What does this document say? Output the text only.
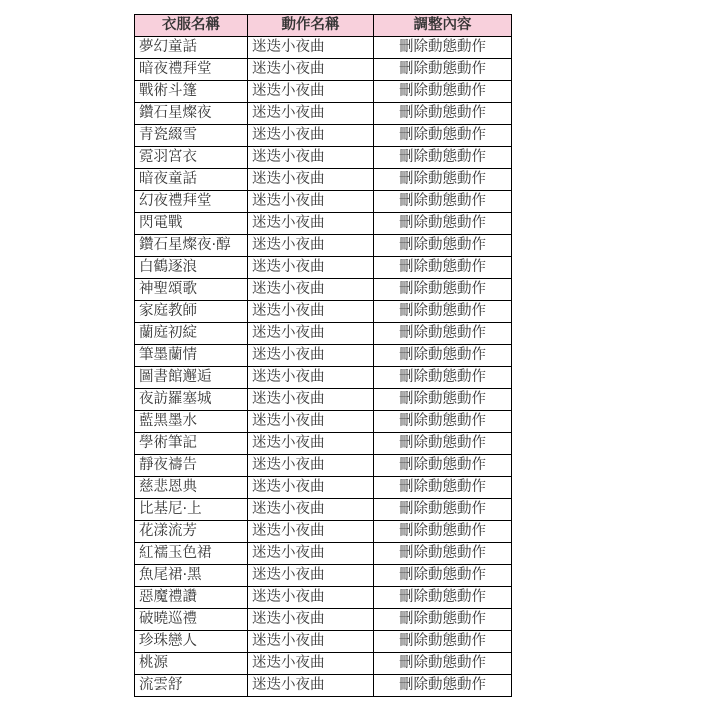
衣服名稱	動作名稱	調整內容
夢幻童話	迷迭小夜曲	刪除動態動作
暗夜禮拜堂	迷迭小夜曲	刪除動態動作
戰術斗篷	迷迭小夜曲	刪除動態動作
鑽石星燦夜	迷迭小夜曲	刪除動態動作
青瓷綴雪	迷迭小夜曲	刪除動態動作
霓羽宮衣	迷迭小夜曲	刪除動態動作
暗夜童話	迷迭小夜曲	刪除動態動作
幻夜禮拜堂	迷迭小夜曲	刪除動態動作
閃電戰	迷迭小夜曲	刪除動態動作
鑽石星燦夜·醇	迷迭小夜曲	刪除動態動作
白鶴逐浪	迷迭小夜曲	刪除動態動作
神聖頌歌	迷迭小夜曲	刪除動態動作
家庭教師	迷迭小夜曲	刪除動態動作
蘭庭初綻	迷迭小夜曲	刪除動態動作
筆墨蘭情	迷迭小夜曲	刪除動態動作
圖書館邂逅	迷迭小夜曲	刪除動態動作
夜訪羅塞城	迷迭小夜曲	刪除動態動作
藍黑墨水	迷迭小夜曲	刪除動態動作
學術筆記	迷迭小夜曲	刪除動態動作
靜夜禱告	迷迭小夜曲	刪除動態動作
慈悲恩典	迷迭小夜曲	刪除動態動作
比基尼·上	迷迭小夜曲	刪除動態動作
花漾流芳	迷迭小夜曲	刪除動態動作
紅襦玉色裙	迷迭小夜曲	刪除動態動作
魚尾裙·黑	迷迭小夜曲	刪除動態動作
惡魔禮讚	迷迭小夜曲	刪除動態動作
破曉巡禮	迷迭小夜曲	刪除動態動作
珍珠戀人	迷迭小夜曲	刪除動態動作
桃源	迷迭小夜曲	刪除動態動作
流雲舒	迷迭小夜曲	刪除動態動作
